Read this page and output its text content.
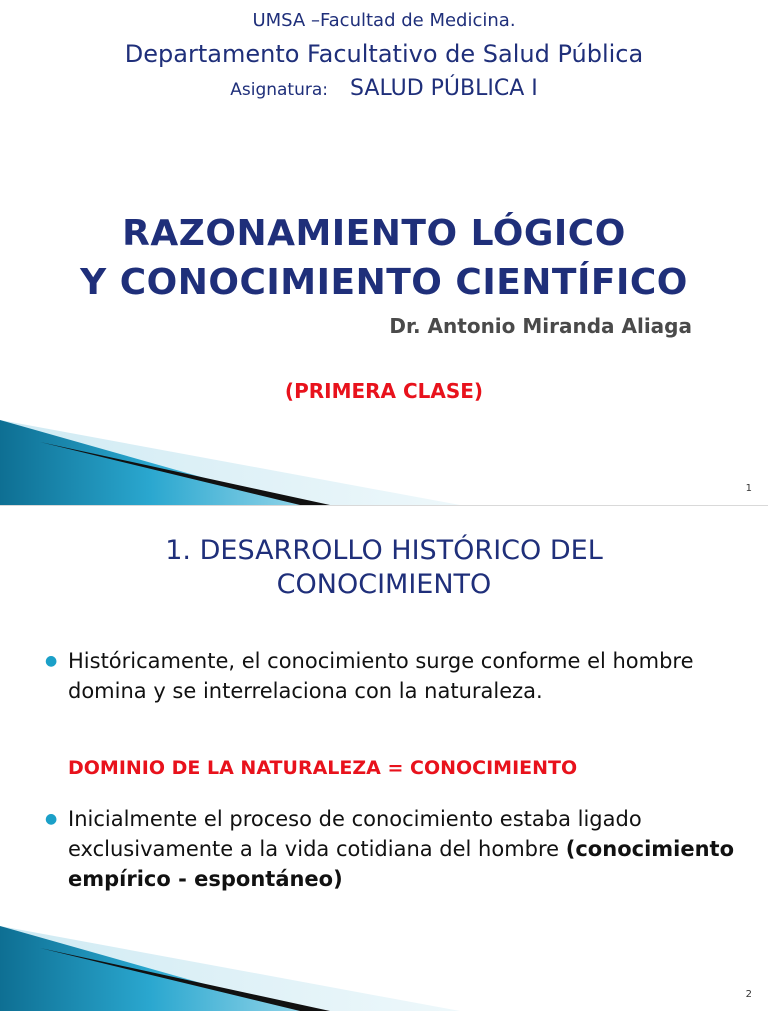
UMSA –Facultad de Medicina.
Departamento Facultativo de Salud Pública
Asignatura: SALUD PÚBLICA I
RAZONAMIENTO LÓGICO
Y CONOCIMIENTO CIENTÍFICO
Dr. Antonio Miranda Aliaga
(PRIMERA CLASE)
1
1. DESARROLLO HISTÓRICO DEL
CONOCIMIENTO
● Históricamente, el conocimiento surge conforme el hombre domina y se interrelaciona con la naturaleza.
DOMINIO DE LA NATURALEZA = CONOCIMIENTO
● Inicialmente el proceso de conocimiento estaba ligado exclusivamente a la vida cotidiana del hombre (conocimiento empírico - espontáneo)
2
